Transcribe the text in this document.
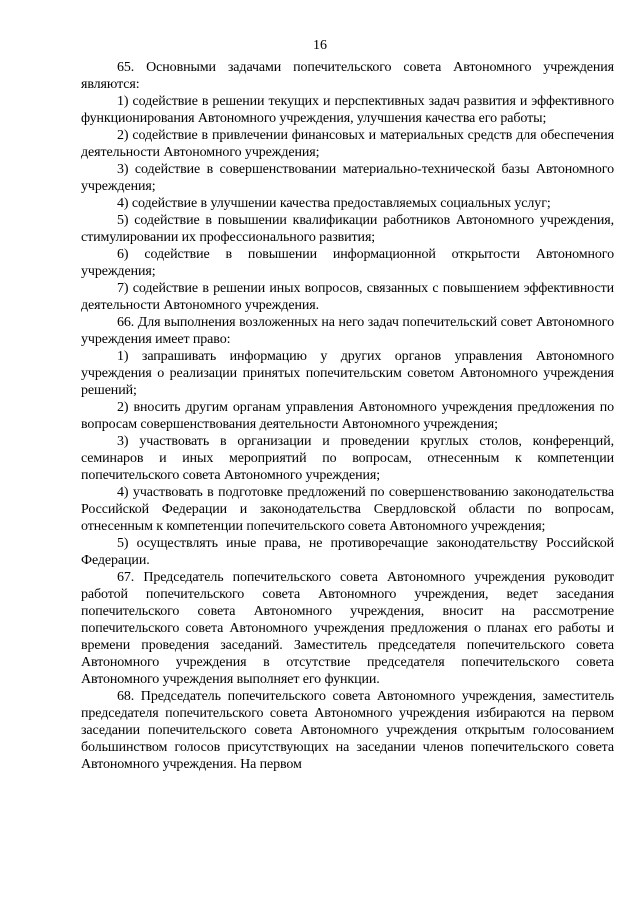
16

65. Основными задачами попечительского совета Автономного учреждения являются:

1) содействие в решении текущих и перспективных задач развития и эффективного функционирования Автономного учреждения, улучшения качества его работы;

2) содействие в привлечении финансовых и материальных средств для обеспечения деятельности Автономного учреждения;

3) содействие в совершенствовании материально-технической базы Автономного учреждения;

4) содействие в улучшении качества предоставляемых социальных услуг;

5) содействие в повышении квалификации работников Автономного учреждения, стимулировании их профессионального развития;

6) содействие в повышении информационной открытости Автономного учреждения;

7) содействие в решении иных вопросов, связанных с повышением эффективности деятельности Автономного учреждения.

66. Для выполнения возложенных на него задач попечительский совет Автономного учреждения имеет право:

1) запрашивать информацию у других органов управления Автономного учреждения о реализации принятых попечительским советом Автономного учреждения решений;

2) вносить другим органам управления Автономного учреждения предложения по вопросам совершенствования деятельности Автономного учреждения;

3) участвовать в организации и проведении круглых столов, конференций, семинаров и иных мероприятий по вопросам, отнесенным к компетенции попечительского совета Автономного учреждения;

4) участвовать в подготовке предложений по совершенствованию законодательства Российской Федерации и законодательства Свердловской области по вопросам, отнесенным к компетенции попечительского совета Автономного учреждения;

5) осуществлять иные права, не противоречащие законодательству Российской Федерации.

67. Председатель попечительского совета Автономного учреждения руководит работой попечительского совета Автономного учреждения, ведет заседания попечительского совета Автономного учреждения, вносит на рассмотрение попечительского совета Автономного учреждения предложения о планах его работы и времени проведения заседаний. Заместитель председателя попечительского совета Автономного учреждения в отсутствие председателя попечительского совета Автономного учреждения выполняет его функции.

68. Председатель попечительского совета Автономного учреждения, заместитель председателя попечительского совета Автономного учреждения избираются на первом заседании попечительского совета Автономного учреждения открытым голосованием большинством голосов присутствующих на заседании членов попечительского совета Автономного учреждения. На первом
